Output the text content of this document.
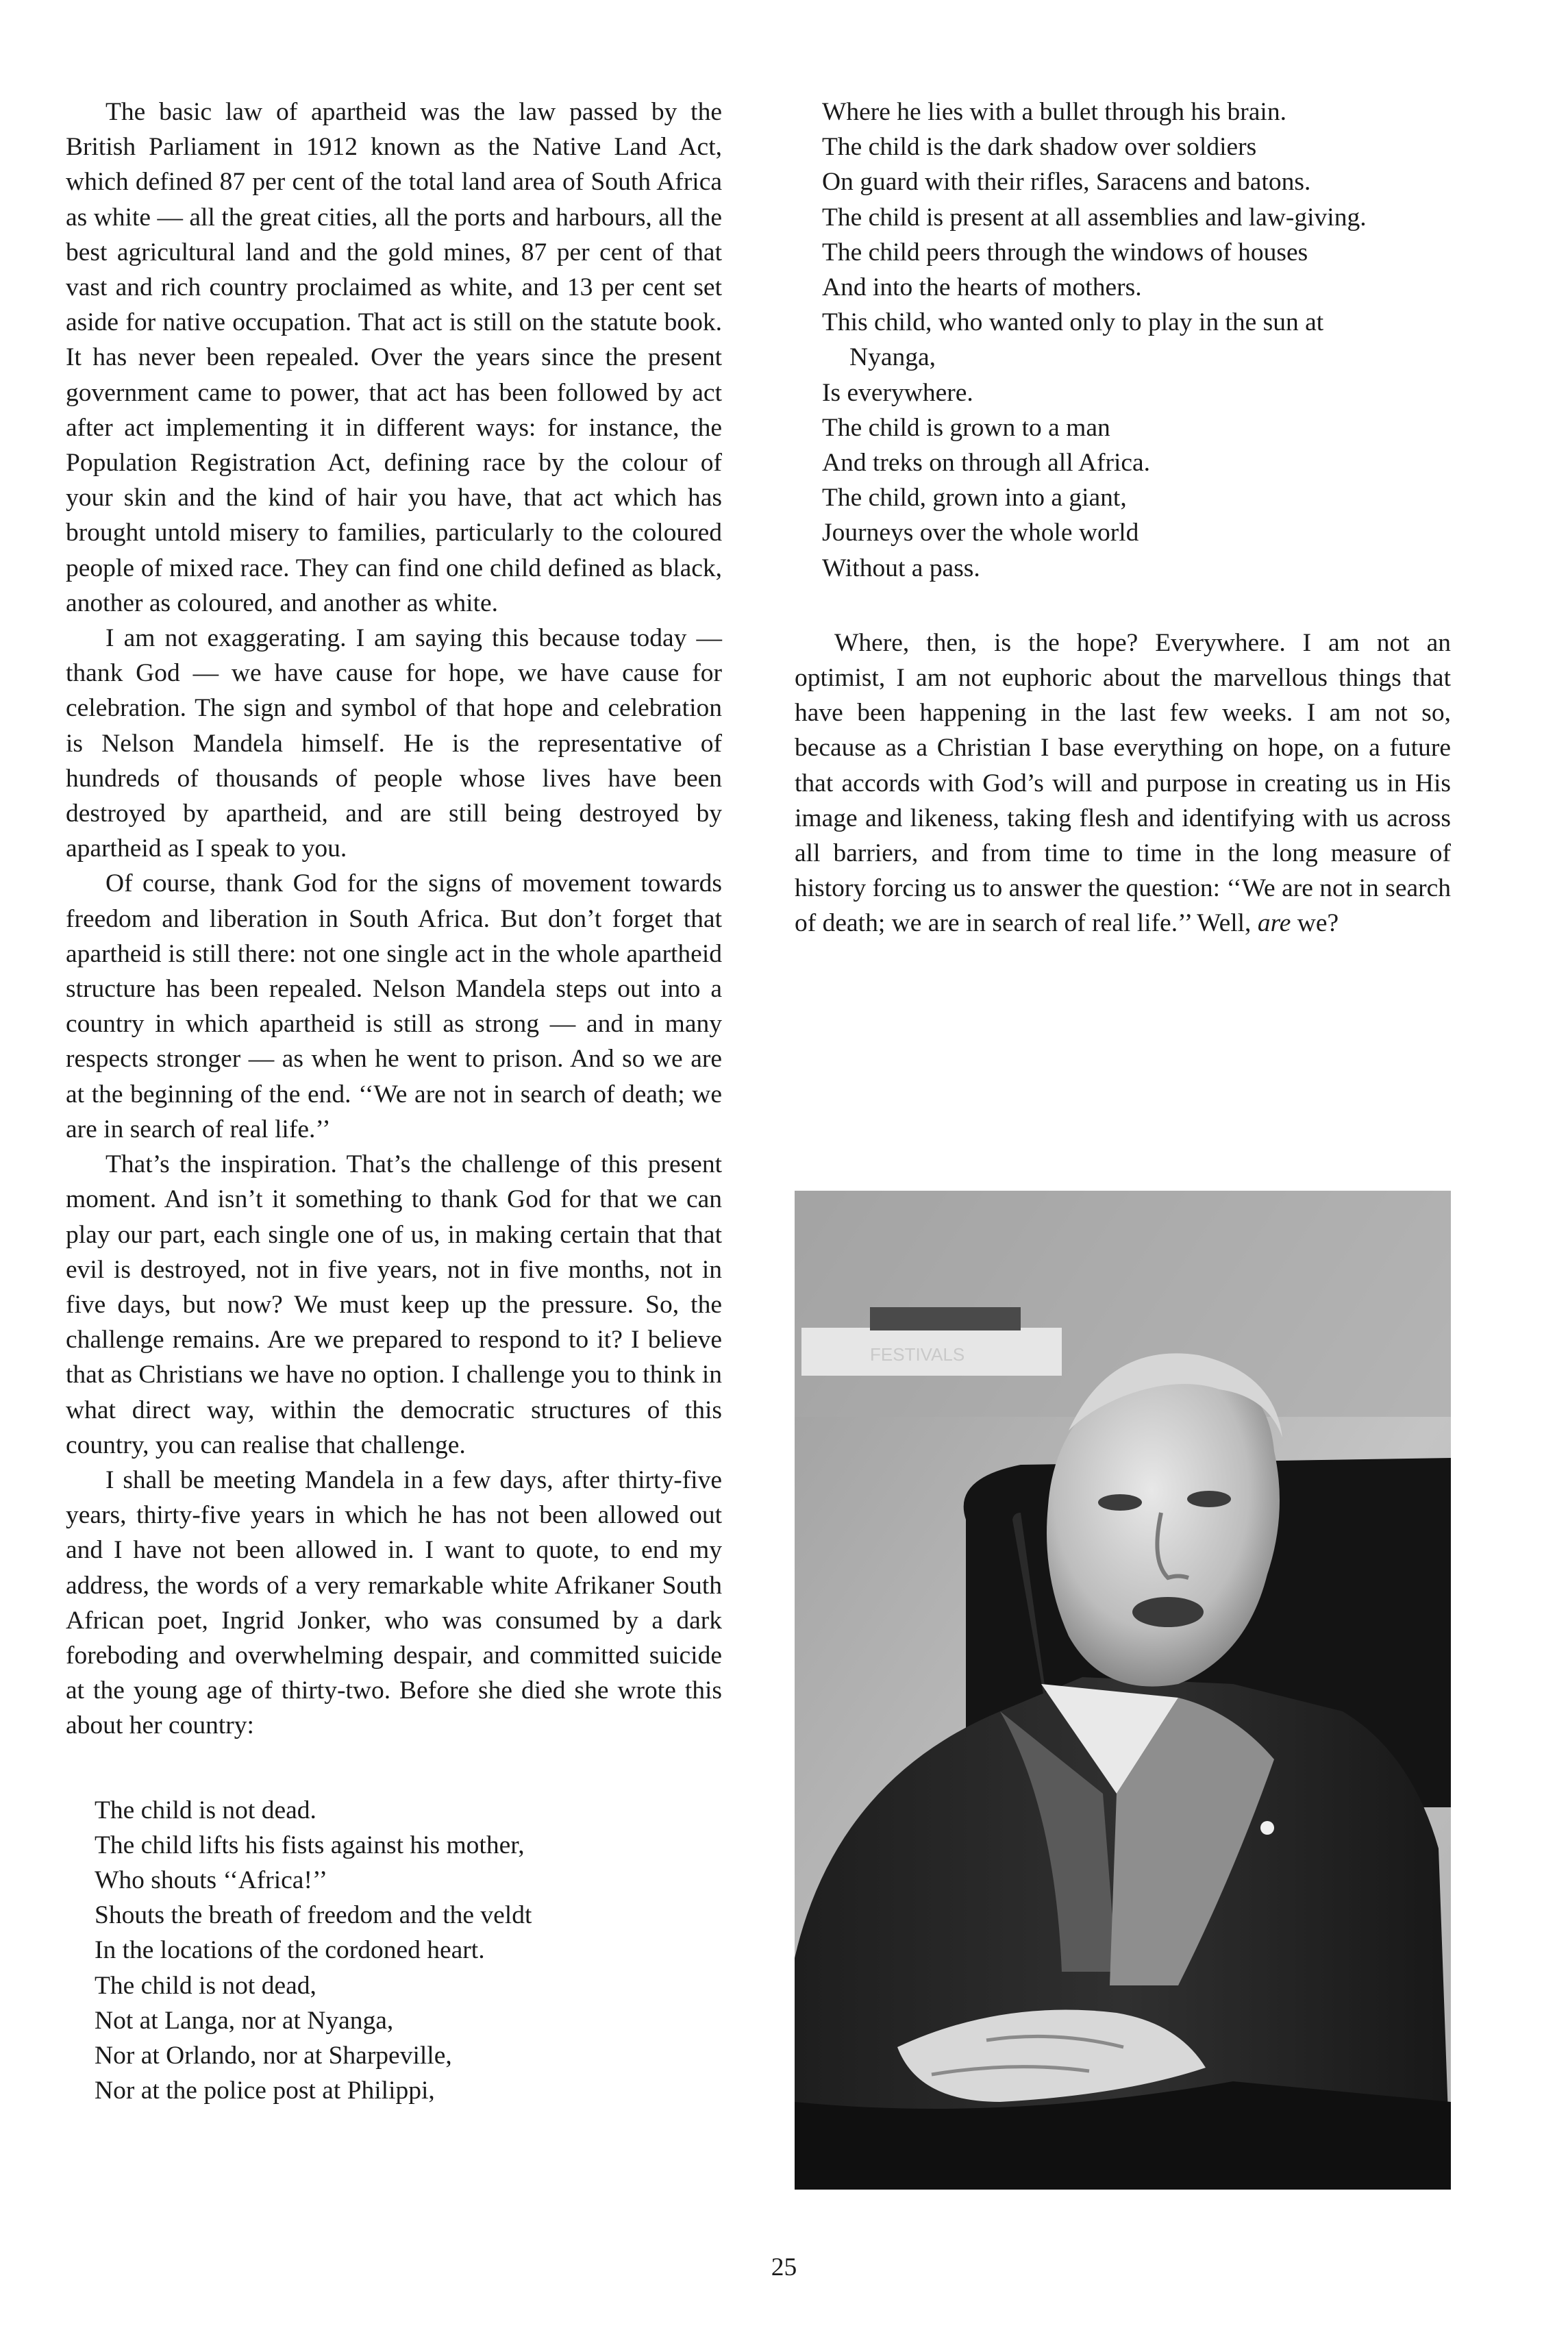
The basic law of apartheid was the law passed by the British Parliament in 1912 known as the Native Land Act, which defined 87 per cent of the total land area of South Africa as white — all the great cities, all the ports and harbours, all the best agricultural land and the gold mines, 87 per cent of that vast and rich country proclaimed as white, and 13 per cent set aside for native occupation. That act is still on the statute book. It has never been repealed. Over the years since the present government came to power, that act has been followed by act after act implementing it in different ways: for instance, the Population Registration Act, defining race by the colour of your skin and the kind of hair you have, that act which has brought untold misery to families, particularly to the coloured people of mixed race. They can find one child defined as black, another as coloured, and another as white.

I am not exaggerating. I am saying this because today — thank God — we have cause for hope, we have cause for celebration. The sign and symbol of that hope and celebration is Nelson Mandela himself. He is the representative of hundreds of thousands of people whose lives have been destroyed by apartheid, and are still being destroyed by apartheid as I speak to you.

Of course, thank God for the signs of movement towards freedom and liberation in South Africa. But don’t forget that apartheid is still there: not one single act in the whole apartheid structure has been repealed. Nelson Mandela steps out into a country in which apartheid is still as strong — and in many respects stronger — as when he went to prison. And so we are at the beginning of the end. ‘‘We are not in search of death; we are in search of real life.’’

That’s the inspiration. That’s the challenge of this present moment. And isn’t it something to thank God for that we can play our part, each single one of us, in making certain that that evil is destroyed, not in five years, not in five months, not in five days, but now? We must keep up the pressure. So, the challenge remains. Are we prepared to respond to it? I believe that as Christians we have no option. I challenge you to think in what direct way, within the democratic structures of this country, you can realise that challenge.

I shall be meeting Mandela in a few days, after thirty-five years, thirty-five years in which he has not been allowed out and I have not been allowed in. I want to quote, to end my address, the words of a very remarkable white Afrikaner South African poet, Ingrid Jonker, who was consumed by a dark foreboding and overwhelming despair, and committed suicide at the young age of thirty-two. Before she died she wrote this about her country:

The child is not dead.
The child lifts his fists against his mother,
Who shouts ‘‘Africa!’’
Shouts the breath of freedom and the veldt
In the locations of the cordoned heart.
The child is not dead,
Not at Langa, nor at Nyanga,
Nor at Orlando, nor at Sharpeville,
Nor at the police post at Philippi,
Where he lies with a bullet through his brain.
The child is the dark shadow over soldiers
On guard with their rifles, Saracens and batons.
The child is present at all assemblies and law-giving.
The child peers through the windows of houses
And into the hearts of mothers.
This child, who wanted only to play in the sun at
Nyanga,
Is everywhere.
The child is grown to a man
And treks on through all Africa.
The child, grown into a giant,
Journeys over the whole world
Without a pass.

Where, then, is the hope? Everywhere. I am not an optimist, I am not euphoric about the marvellous things that have been happening in the last few weeks. I am not so, because as a Christian I base everything on hope, on a future that accords with God’s will and purpose in creating us in His image and likeness, taking flesh and identifying with us across all barriers, and from time to time in the long measure of history forcing us to answer the question: ‘‘We are not in search of death; we are in search of real life.’’ Well, are we?

FESTIVALS
25
